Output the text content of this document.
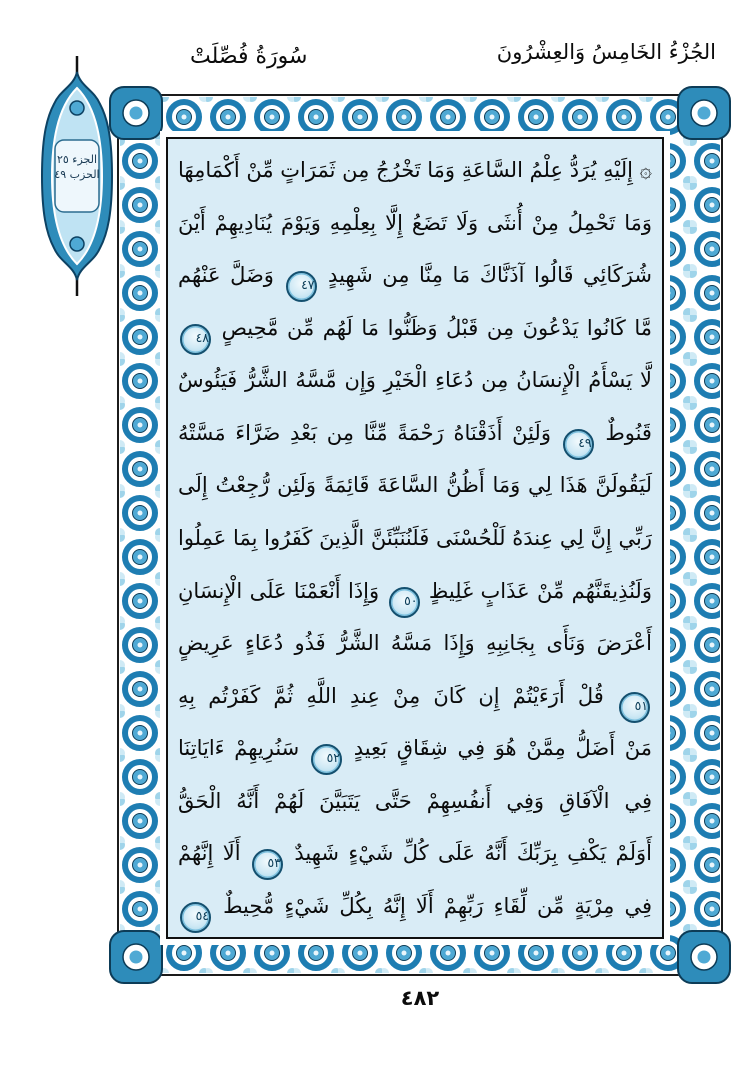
الجُزْءُ الخَامِسُ وَالعِشْرُونَ
سُورَةُ فُصِّلَتْ
الجزء ٢٥
الحزب ٤٩	۞ إِلَيْهِ يُرَدُّ عِلْمُ السَّاعَةِ وَمَا تَخْرُجُ مِن ثَمَرَاتٍ مِّنْ أَكْمَامِهَا
وَمَا تَحْمِلُ مِنْ أُنثَى وَلَا تَضَعُ إِلَّا بِعِلْمِهِ وَيَوْمَ يُنَادِيهِمْ أَيْنَ
شُرَكَائِي قَالُوا آذَنَّاكَ مَا مِنَّا مِن شَهِيدٍ ٤٧ وَضَلَّ عَنْهُم
مَّا كَانُوا يَدْعُونَ مِن قَبْلُ وَظَنُّوا مَا لَهُم مِّن مَّحِيصٍ ٤٨
لَّا يَسْأَمُ الْإِنسَانُ مِن دُعَاءِ الْخَيْرِ وَإِن مَّسَّهُ الشَّرُّ فَيَئُوسٌ
قَنُوطٌ ٤٩ وَلَئِنْ أَذَقْنَاهُ رَحْمَةً مِّنَّا مِن بَعْدِ ضَرَّاءَ مَسَّتْهُ
لَيَقُولَنَّ هَذَا لِي وَمَا أَظُنُّ السَّاعَةَ قَائِمَةً وَلَئِن رُّجِعْتُ إِلَى
رَبِّي إِنَّ لِي عِندَهُ لَلْحُسْنَى فَلَنُنَبِّئَنَّ الَّذِينَ كَفَرُوا بِمَا عَمِلُوا
وَلَنُذِيقَنَّهُم مِّنْ عَذَابٍ غَلِيظٍ ٥٠ وَإِذَا أَنْعَمْنَا عَلَى الْإِنسَانِ
أَعْرَضَ وَنَأَى بِجَانِبِهِ وَإِذَا مَسَّهُ الشَّرُّ فَذُو دُعَاءٍ عَرِيضٍ
٥١ قُلْ أَرَءَيْتُمْ إِن كَانَ مِنْ عِندِ اللَّهِ ثُمَّ كَفَرْتُم بِهِ
مَنْ أَضَلُّ مِمَّنْ هُوَ فِي شِقَاقٍ بَعِيدٍ ٥٢ سَنُرِيهِمْ ءَايَاتِنَا
فِي الْآفَاقِ وَفِي أَنفُسِهِمْ حَتَّى يَتَبَيَّنَ لَهُمْ أَنَّهُ الْحَقُّ
أَوَلَمْ يَكْفِ بِرَبِّكَ أَنَّهُ عَلَى كُلِّ شَيْءٍ شَهِيدٌ ٥٣ أَلَا إِنَّهُمْ
فِي مِرْيَةٍ مِّن لِّقَاءِ رَبِّهِمْ أَلَا إِنَّهُ بِكُلِّ شَيْءٍ مُّحِيطٌ ٥٤
٤٨٢
